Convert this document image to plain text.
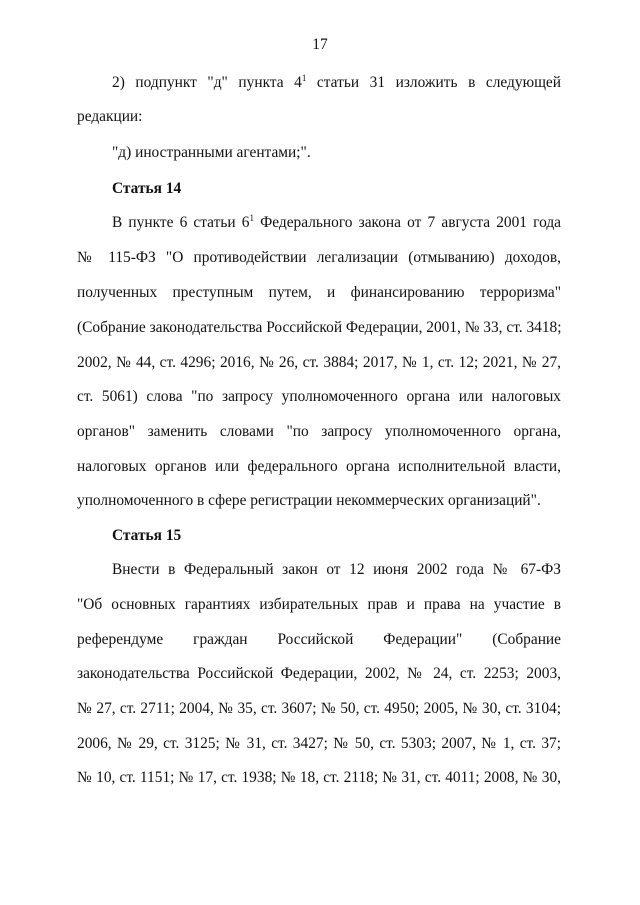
17
2) подпункт "д" пункта $4^1$ статьи 31 изложить в следующей
редакции:
"д) иностранными агентами;".
Статья 14
В пункте 6 статьи $6^1$ Федерального закона от 7 августа 2001 года
№ 115-ФЗ "О противодействии легализации (отмыванию) доходов,
полученных преступным путем, и финансированию терроризма"
(Собрание законодательства Российской Федерации, 2001, № 33, ст. 3418;
2002, № 44, ст. 4296; 2016, № 26, ст. 3884; 2017, № 1, ст. 12; 2021, № 27,
ст. 5061) слова "по запросу уполномоченного органа или налоговых
органов" заменить словами "по запросу уполномоченного органа,
налоговых органов или федерального органа исполнительной власти,
уполномоченного в сфере регистрации некоммерческих организаций".
Статья 15
Внести в Федеральный закон от 12 июня 2002 года № 67-ФЗ
"Об основных гарантиях избирательных прав и права на участие в
референдуме граждан Российской Федерации" (Собрание
законодательства Российской Федерации, 2002, № 24, ст. 2253; 2003,
№ 27, ст. 2711; 2004, № 35, ст. 3607; № 50, ст. 4950; 2005, № 30, ст. 3104;
2006, № 29, ст. 3125; № 31, ст. 3427; № 50, ст. 5303; 2007, № 1, ст. 37;
№ 10, ст. 1151; № 17, ст. 1938; № 18, ст. 2118; № 31, ст. 4011; 2008, № 30,
